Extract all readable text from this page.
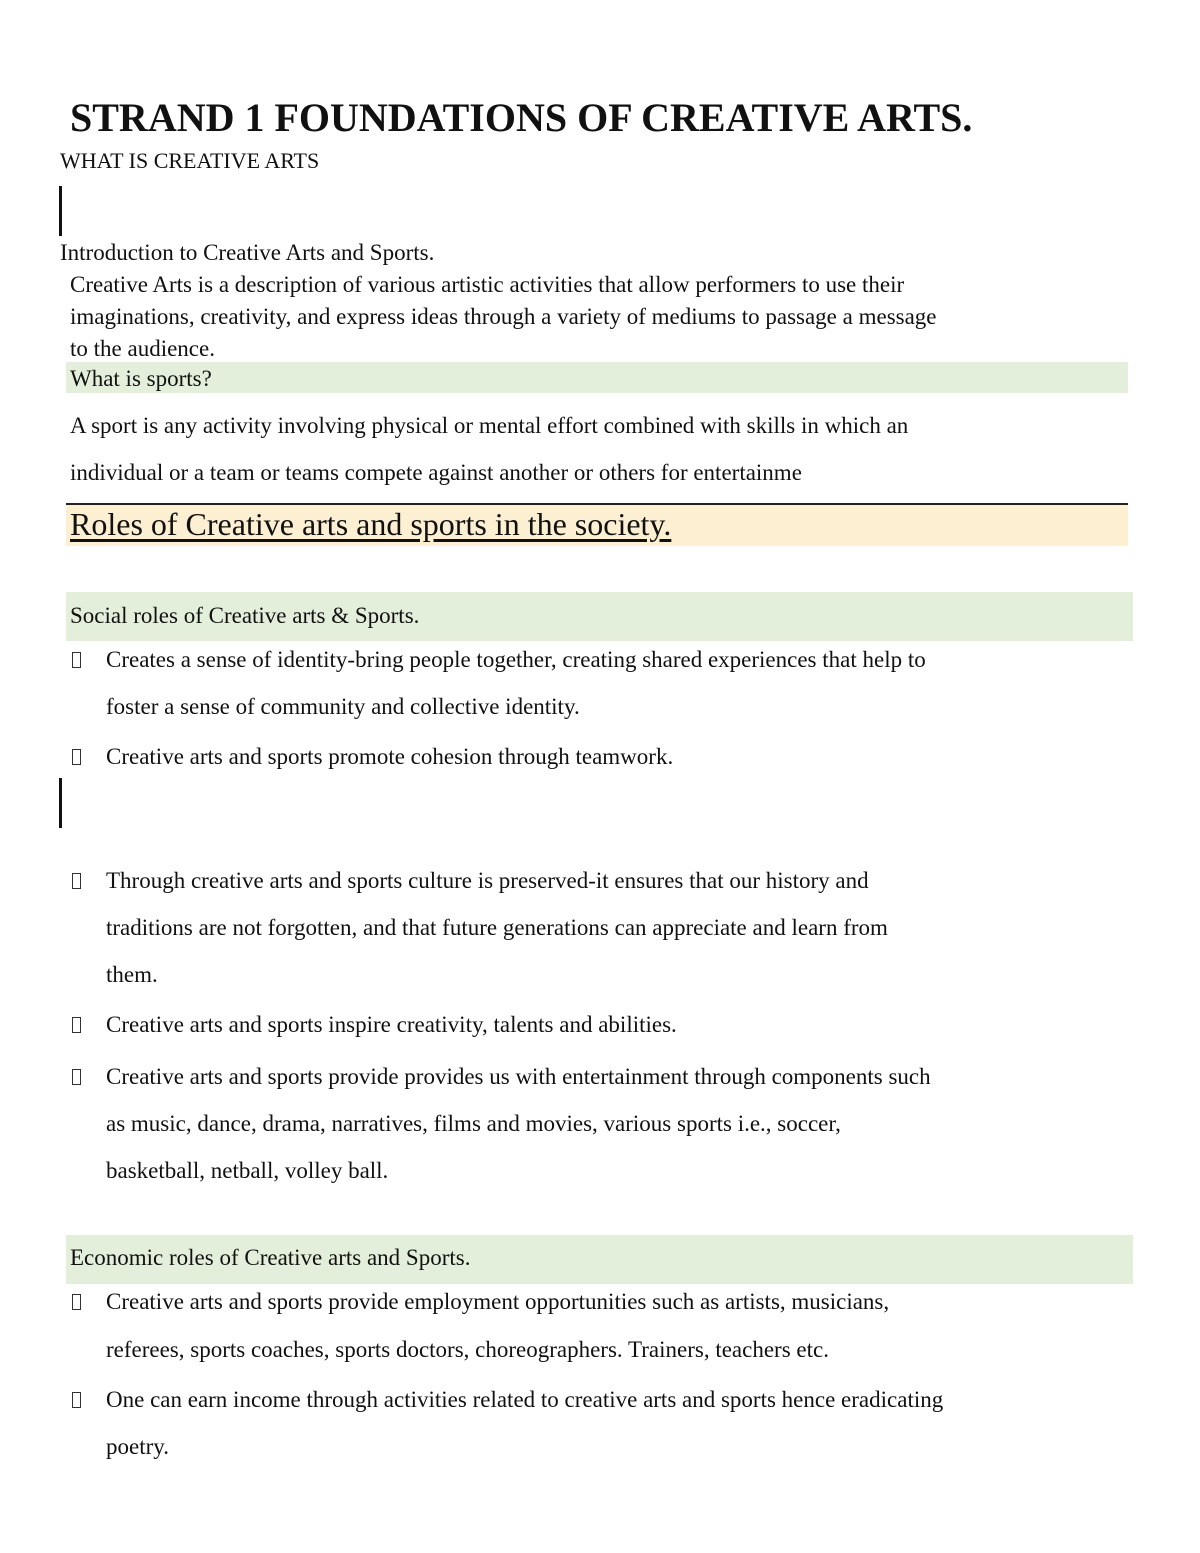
STRAND 1 FOUNDATIONS OF CREATIVE ARTS.
WHAT IS CREATIVE ARTS
Introduction to Creative Arts and Sports.
Creative Arts is a description of various artistic activities that allow performers to use their
imaginations, creativity, and express ideas through a variety of mediums to passage a message
to the audience.
What is sports?
A sport is any activity involving physical or mental effort combined with skills in which an
individual or a team or teams compete against another or others for entertainme
Roles of Creative arts and sports in the society.
Social roles of Creative arts & Sports.
Creates a sense of identity-bring people together, creating shared experiences that help to
foster a sense of community and collective identity.
Creative arts and sports promote cohesion through teamwork.
Through creative arts and sports culture is preserved-it ensures that our history and
traditions are not forgotten, and that future generations can appreciate and learn from
them.
Creative arts and sports inspire creativity, talents and abilities.
Creative arts and sports provide provides us with entertainment through components such
as music, dance, drama, narratives, films and movies, various sports i.e., soccer,
basketball, netball, volley ball.
Economic roles of Creative arts and Sports.
Creative arts and sports provide employment opportunities such as artists, musicians,
referees, sports coaches, sports doctors, choreographers. Trainers, teachers etc.
One can earn income through activities related to creative arts and sports hence eradicating
poetry.
